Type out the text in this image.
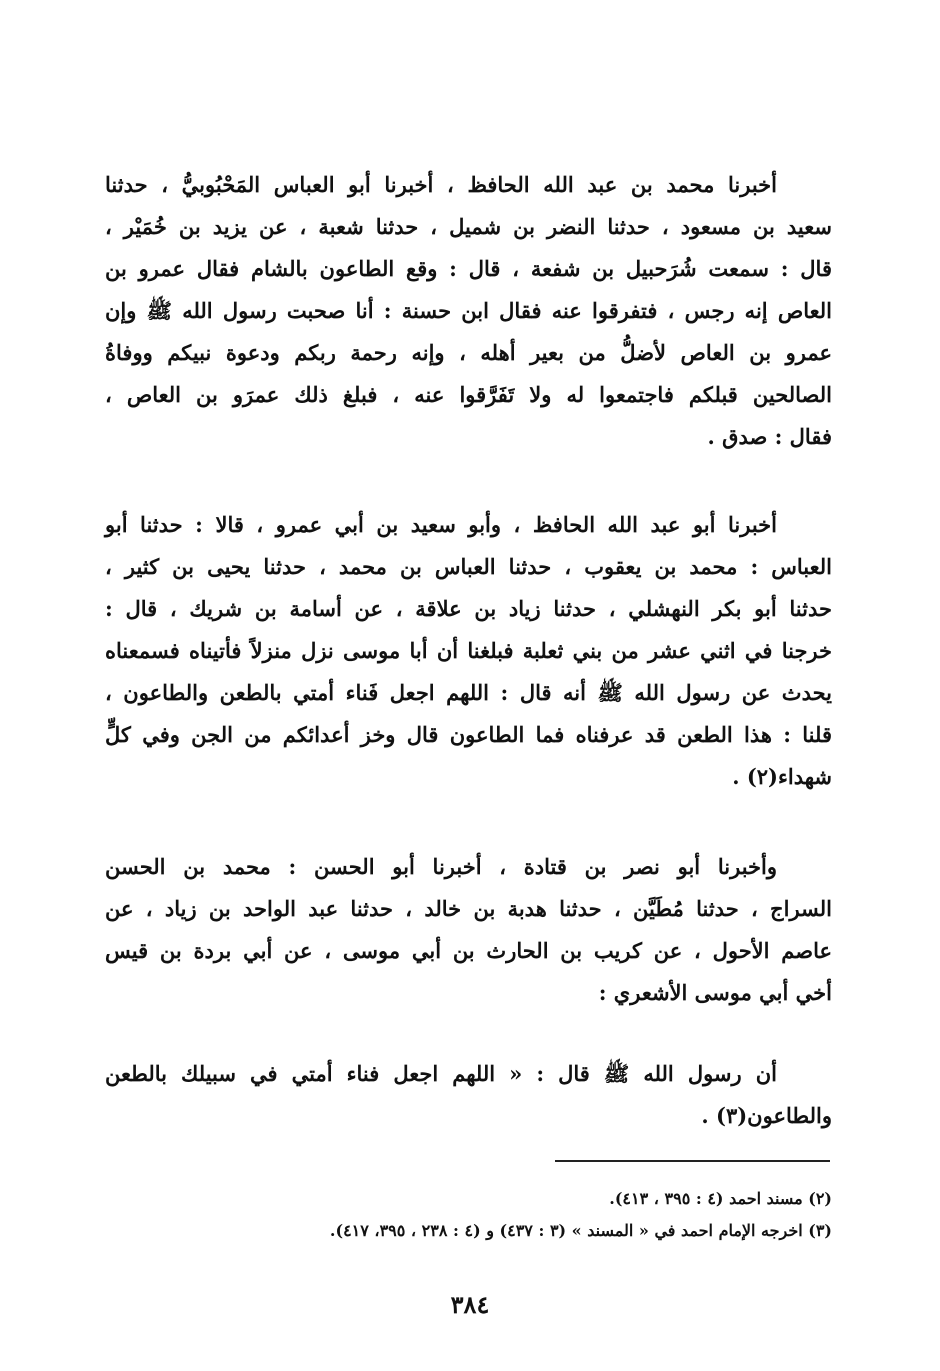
أخبرنا محمد بن عبد الله الحافظ ، أخبرنا أبو العباس المَحْبُوبيُّ ، حدثنا
سعيد بن مسعود ، حدثنا النضر بن شميل ، حدثنا شعبة ، عن يزيد بن خُمَيْر ،
قال : سمعت شُرَحبيل بن شفعة ، قال : وقع الطاعون بالشام فقال عمرو بن
العاص إنه رجس ، فتفرقوا عنه فقال ابن حسنة : أنا صحبت رسول الله ﷺ وإن
عمرو بن العاص لأضلُّ من بعير أهله ، وإنه رحمة ربكم ودعوة نبيكم ووفاةُ
الصالحين قبلكم فاجتمعوا له ولا تَفَرَّقوا عنه ، فبلغ ذلك عمرَو بن العاص ،
فقال : صدق .
أخبرنا أبو عبد الله الحافظ ، وأبو سعيد بن أبي عمرو ، قالا : حدثنا أبو
العباس : محمد بن يعقوب ، حدثنا العباس بن محمد ، حدثنا يحيى بن كثير ،
حدثنا أبو بكر النهشلي ، حدثنا زياد بن علاقة ، عن أسامة بن شريك ، قال :
خرجنا في اثني عشر من بني ثعلبة فبلغنا أن أبا موسى نزل منزلاً فأتيناه فسمعناه
يحدث عن رسول الله ﷺ أنه قال : اللهم اجعل فَناء أمتي بالطعن والطاعون ،
قلنا : هذا الطعن قد عرفناه فما الطاعون قال وخز أعدائكم من الجن وفي كلٍّ
شهداء(٢) .
وأخبرنا أبو نصر بن قتادة ، أخبرنا أبو الحسن : محمد بن الحسن
السراج ، حدثنا مُطَيَّن ، حدثنا هدبة بن خالد ، حدثنا عبد الواحد بن زياد ، عن
عاصم الأحول ، عن كريب بن الحارث بن أبي موسى ، عن أبي بردة بن قيس
أخي أبي موسى الأشعري :
أن رسول الله ﷺ قال : « اللهم اجعل فناء أمتي في سبيلك بالطعن
والطاعون(٣) .
(٢) مسند احمد (٤ : ٣٩٥ ، ٤١٣).
(٣) اخرجه الإمام احمد في « المسند » (٣ : ٤٣٧) و (٤ : ٢٣٨ ، ٣٩٥، ٤١٧).
٣٨٤
